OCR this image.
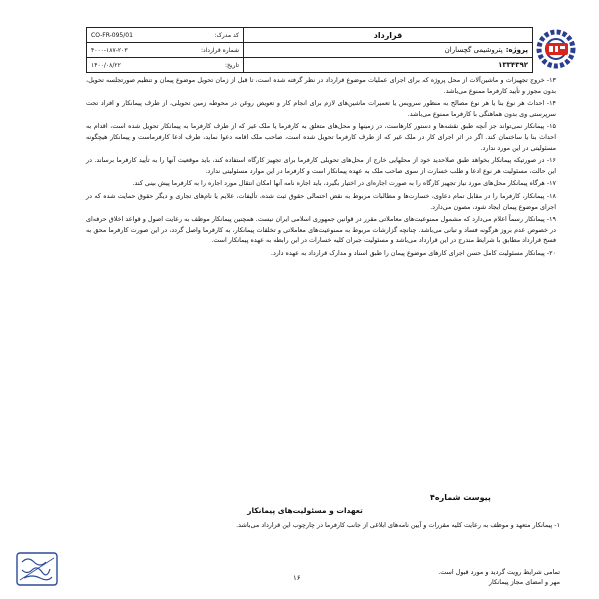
قرارداد
پروژه:
پتروشیمی گچساران
۱۳۳۴۳۹۲
کد مدرک:
CO-FR-095/01
شماره قرارداد:
۴۰۰۰-۱۸۷-۲۰۳
تاریخ:
۱۴۰۰/۰۸/۲۲

۱۳- خروج تجهیزات و ماشین‌آلات از محل پروژه که برای اجرای عملیات موضوع قرارداد در نظر گرفته شده است، تا قبل از زمان تحویل موضوع پیمان و تنظیم صورتجلسه تحویل، بدون مجوز و تأیید کارفرما ممنوع می‌باشد.

۱۴- احداث هر نوع بنا یا هر نوع مصالح به منظور سرویس یا تعمیرات ماشین‌های لازم برای انجام کار و تعویض روغن در محوطه زمین تحویلی، از طرف پیمانکار و افراد تحت سرپرستی وی بدون هماهنگی با کارفرما ممنوع می‌باشد.

۱۵- پیمانکار نمی‌تواند جز آنچه طبق نقشه‌ها و دستور کارهاست، در زمینها و محل‌های متعلق به کارفرما یا ملک غیر که از طرف کارفرما به پیمانکار تحویل شده است، اقدام به احداث بنا یا ساختمان کند. اگر در اثر اجرای کار در ملک غیر که از طرف کارفرما تحویل شده است، صاحب ملک اقامه دعوا نماید، طرف ادعا کارفرماست و پیمانکار هیچگونه مسئولیتی در این مورد ندارد.

۱۶- در صورتیکه پیمانکار بخواهد طبق صلاحدید خود از محلهایی خارج از محل‌های تحویلی کارفرما برای تجهیز کارگاه استفاده کند، باید موقعیت آنها را به تأیید کارفرما برساند. در این حالت، مسئولیت هر نوع ادعا و طلب خسارت از سوی صاحب ملک به عهده پیمانکار است و کارفرما در این موارد مسئولیتی ندارد.

۱۷- هرگاه پیمانکار محل‌های مورد نیاز تجهیز کارگاه را به صورت اجاره‌ای در اختیار بگیرد، باید اجاره نامه آنها امکان انتقال مورد اجاره را به کارفرما پیش بینی کند.

۱۸- پیمانکار، کارفرما را در مقابل تمام دعاوی، خسارت‌ها و مطالبات مربوط به نقض احتمالی حقوق ثبت شده، تألیفات، علایم یا نام‌های تجاری و دیگر حقوق حمایت شده که در اجرای موضوع پیمان ایجاد شود، مصون می‌دارد.

۱۹- پیمانکار رسماً اعلام می‌دارد که مشمول ممنوعیت‌های معاملاتی مقرر در قوانین جمهوری اسلامی ایران نیست. همچنین پیمانکار موظف به رعایت اصول و قواعد اخلاق حرفه‌ای در خصوص عدم بروز هرگونه فساد و تبانی می‌باشد. چنانچه گزارشات مربوط به ممنوعیت‌های معاملاتی و تخلفات پیمانکار، به کارفرما واصل گردد، در این صورت کارفرما محق به فسخ قرارداد مطابق با شرایط مندرج در این قرارداد می‌باشد و مسئولیت جبران کلیه خسارات در این رابطه به عهده پیمانکار است.

۲۰- پیمانکار مسئولیت کامل حسن اجرای کارهای موضوع پیمان را طبق اسناد و مدارک قرارداد به عهده دارد.

پیوست شماره۴
تعهدات و مسئولیت‌های پیمانکار
۱- پیمانکار متعهد و موظف به رعایت کلیه مقررات و آیین نامه‌های ابلاغی از جانب کارفرما در چارچوب این قرارداد می‌باشد.
۱۶
تمامی شرایط رویت گردید و مورد قبول است.
مهر و امضای مجاز پیمانکار
